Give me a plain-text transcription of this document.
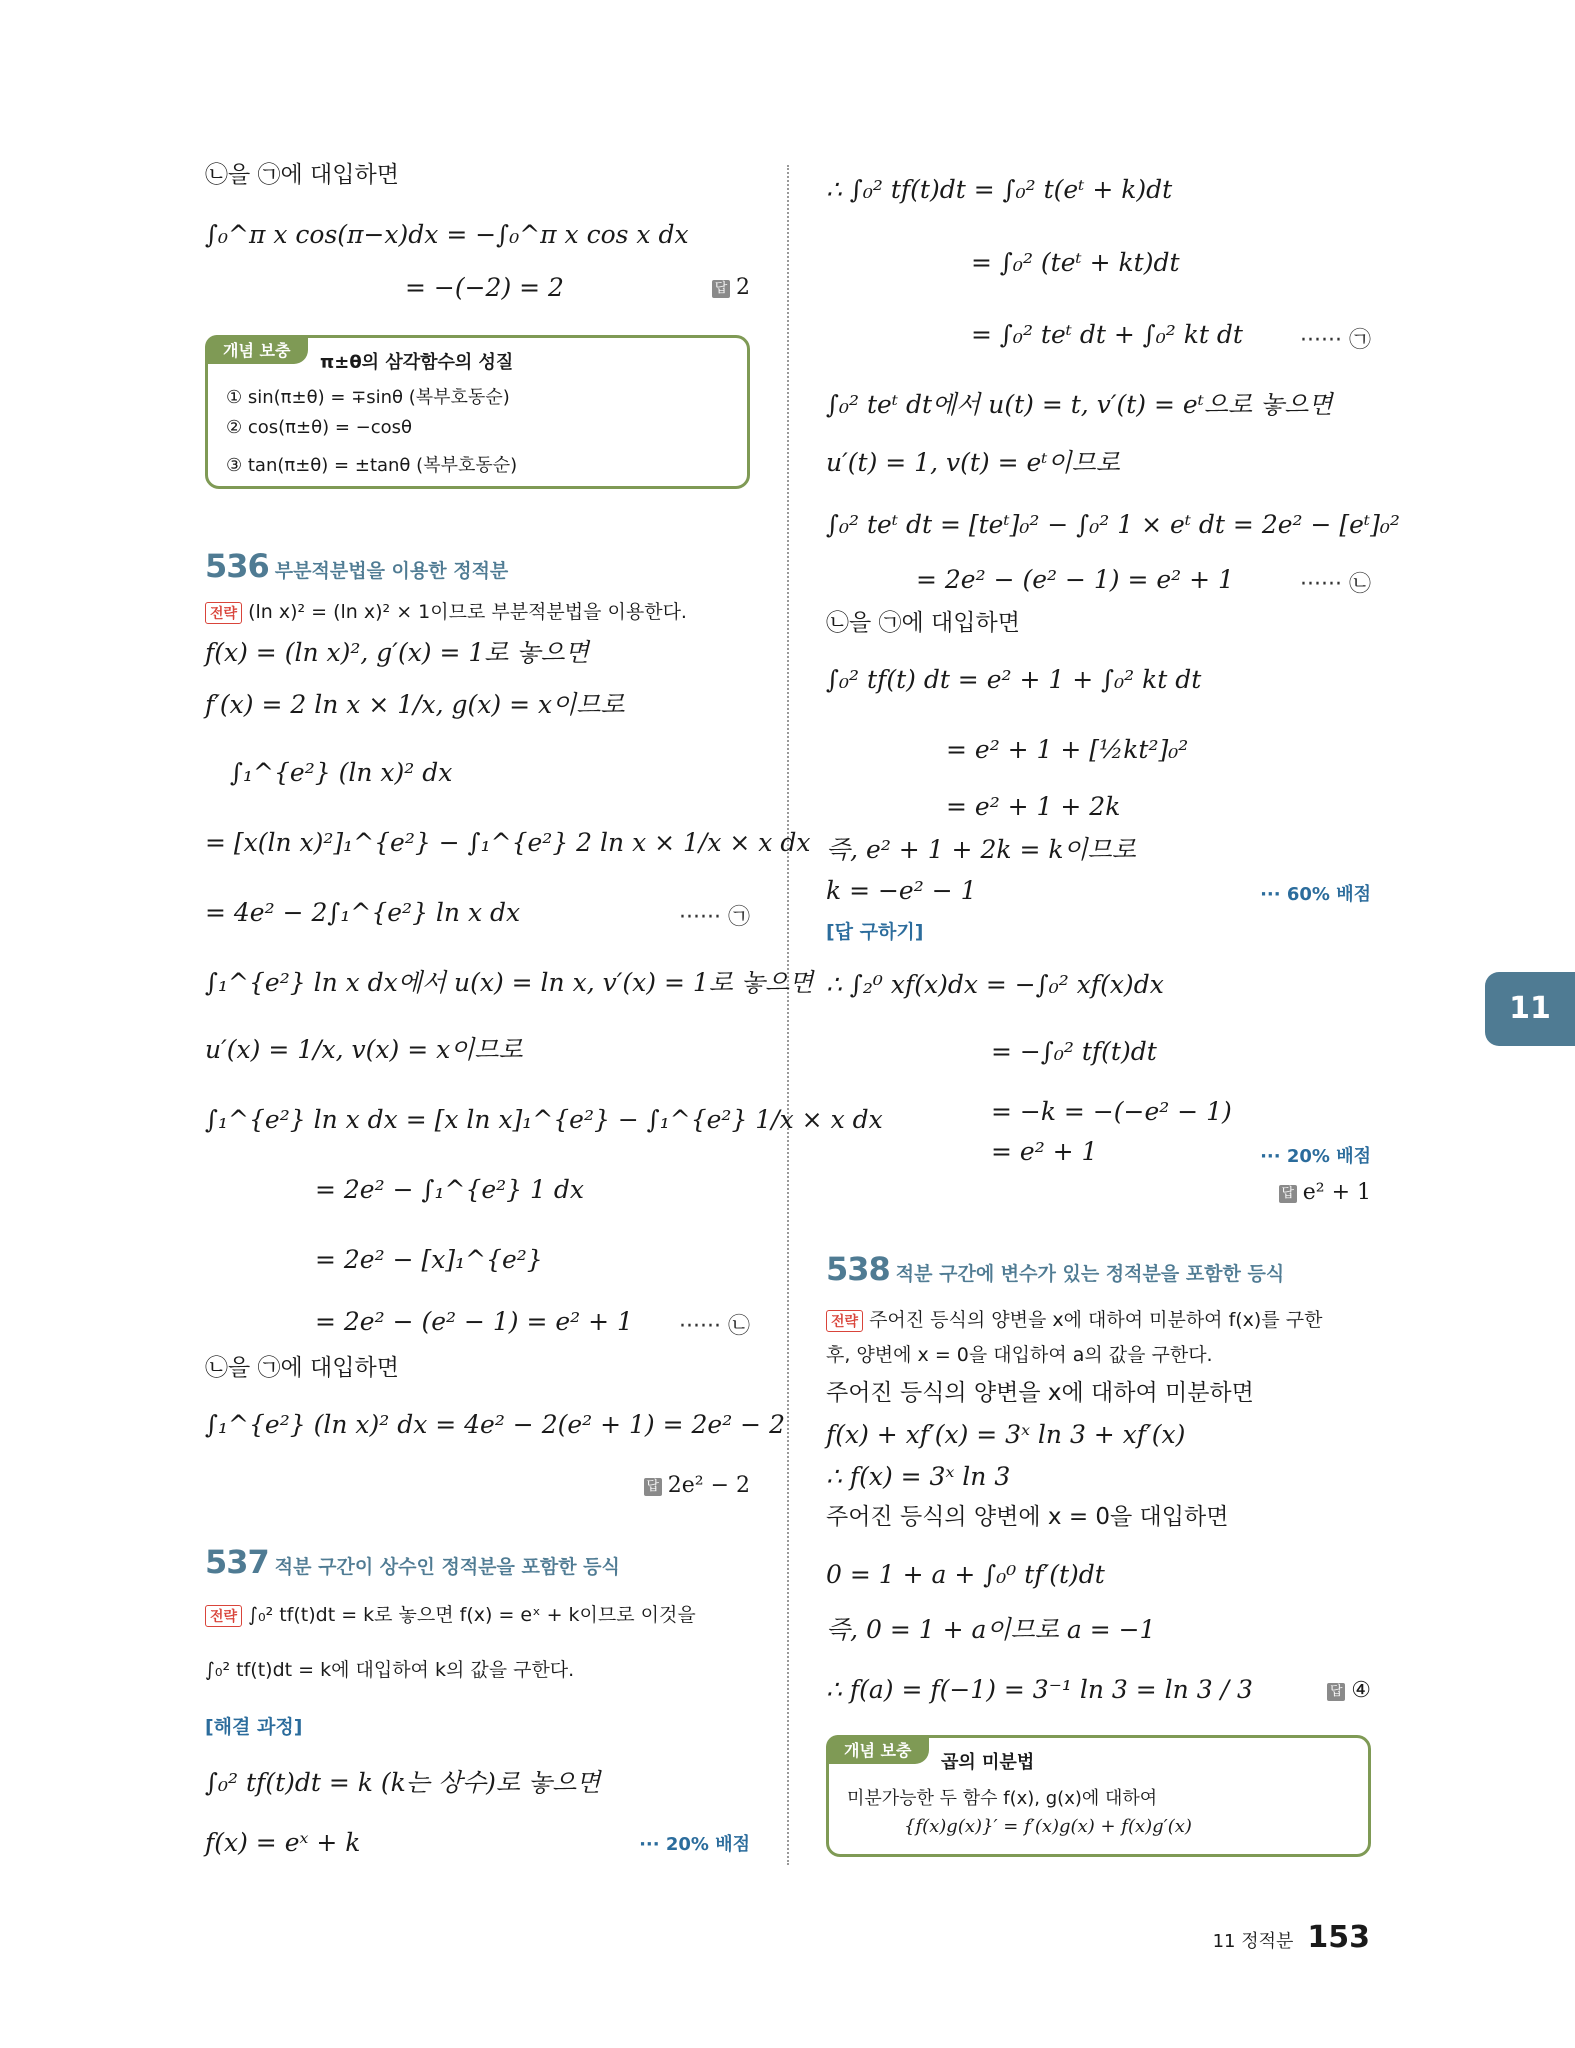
㉡을 ㉠에 대입하면
∫₀^π x cos(π−x)dx = −∫₀^π x cos x dx
= −(−2) = 2	답 2
개념 보충
π±θ의 삼각함수의 성질
① sin(π±θ) = ∓sinθ (복부호동순)
② cos(π±θ) = −cosθ
③ tan(π±θ) = ±tanθ (복부호동순)
536 부분적분법을 이용한 정적분
전략 (ln x)² = (ln x)² × 1이므로 부분적분법을 이용한다.
f(x) = (ln x)², g′(x) = 1로 놓으면
f′(x) = 2 ln x × 1/x, g(x) = x이므로
∫₁^{e²} (ln x)² dx
= [x(ln x)²]₁^{e²} − ∫₁^{e²} 2 ln x × 1/x × x dx
= 4e² − 2∫₁^{e²} ln x dx	······ ㉠
∫₁^{e²} ln x dx에서 u(x) = ln x, v′(x) = 1로 놓으면
u′(x) = 1/x, v(x) = x이므로
∫₁^{e²} ln x dx = [x ln x]₁^{e²} − ∫₁^{e²} 1/x × x dx
= 2e² − ∫₁^{e²} 1 dx
= 2e² − [x]₁^{e²}
= 2e² − (e² − 1) = e² + 1 ······ ㉡
㉡을 ㉠에 대입하면
∫₁^{e²} (ln x)² dx = 4e² − 2(e² + 1) = 2e² − 2
답 2e² − 2
537 적분 구간이 상수인 정적분을 포함한 등식
전략 ∫₀² tf(t)dt = k로 놓으면 f(x) = eˣ + k이므로 이것을
∫₀² tf(t)dt = k에 대입하여 k의 값을 구한다.
[해결 과정]
∫₀² tf(t)dt = k (k는 상수)로 놓으면
f(x) = eˣ + k	··· 20% 배점
∴ ∫₀² tf(t)dt = ∫₀² t(eᵗ + k)dt
= ∫₀² (teᵗ + kt)dt
= ∫₀² teᵗ dt + ∫₀² kt dt	······ ㉠
∫₀² teᵗ dt에서 u(t) = t, v′(t) = eᵗ으로 놓으면
u′(t) = 1, v(t) = eᵗ이므로
∫₀² teᵗ dt = [teᵗ]₀² − ∫₀² 1 × eᵗ dt = 2e² − [eᵗ]₀²
= 2e² − (e² − 1) = e² + 1	······ ㉡
㉡을 ㉠에 대입하면
∫₀² tf(t) dt = e² + 1 + ∫₀² kt dt
= e² + 1 + [½kt²]₀²
= e² + 1 + 2k
즉, e² + 1 + 2k = k이므로
k = −e² − 1	··· 60% 배점
[답 구하기]
∴ ∫₂⁰ xf(x)dx = −∫₀² xf(x)dx
= −∫₀² tf(t)dt
= −k = −(−e² − 1)
= e² + 1	··· 20% 배점
답 e² + 1
538 적분 구간에 변수가 있는 정적분을 포함한 등식
전략 주어진 등식의 양변을 x에 대하여 미분하여 f(x)를 구한
후, 양변에 x = 0을 대입하여 a의 값을 구한다.
주어진 등식의 양변을 x에 대하여 미분하면
f(x) + xf′(x) = 3ˣ ln 3 + xf′(x)
∴ f(x) = 3ˣ ln 3
주어진 등식의 양변에 x = 0을 대입하면
0 = 1 + a + ∫₀⁰ tf′(t)dt
즉, 0 = 1 + a이므로 a = −1
∴ f(a) = f(−1) = 3⁻¹ ln 3 = ln 3 / 3	답 ④
개념 보충
곱의 미분법
미분가능한 두 함수 f(x), g(x)에 대하여
{f(x)g(x)}′ = f′(x)g(x) + f(x)g′(x)
11
11 정적분 153
